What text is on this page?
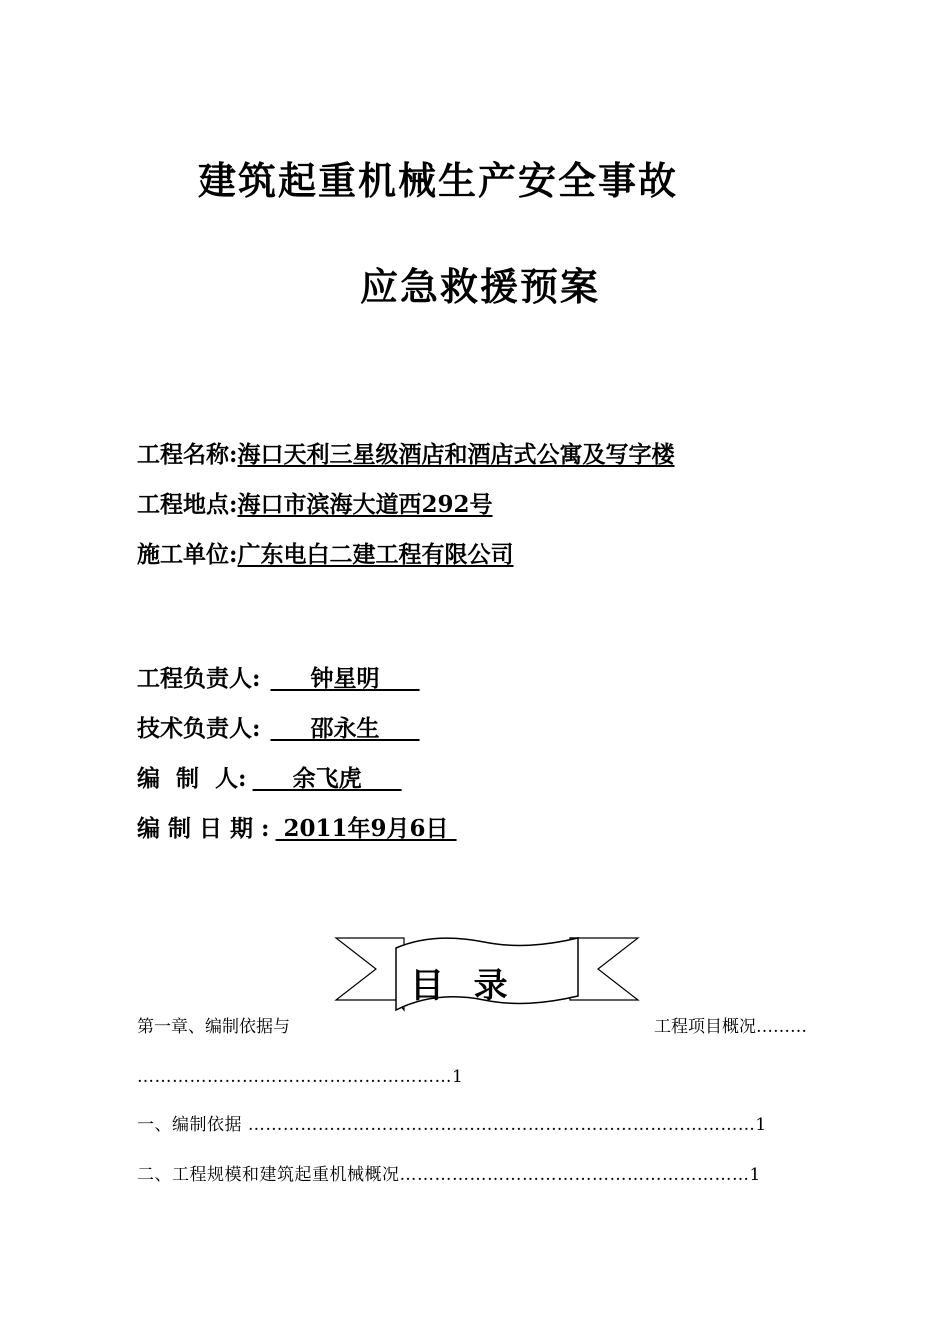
建筑起重机械生产安全事故
应急救援预案
工程名称:海口天利三星级酒店和酒店式公寓及写字楼
工程地点:海口市滨海大道西292号
施工单位:广东电白二建工程有限公司
工程负责人:     钟星明
技术负责人:     邵永生
编  制  人:     余飞虎
编 制 日 期 : 2011年9月6日
目  录
第一章、编制依据与	工程项目概况………
………………………………………………1
一、编制依据 ……………………………………………………………………………1
二、工程规模和建筑起重机械概况……………………………………………………1
